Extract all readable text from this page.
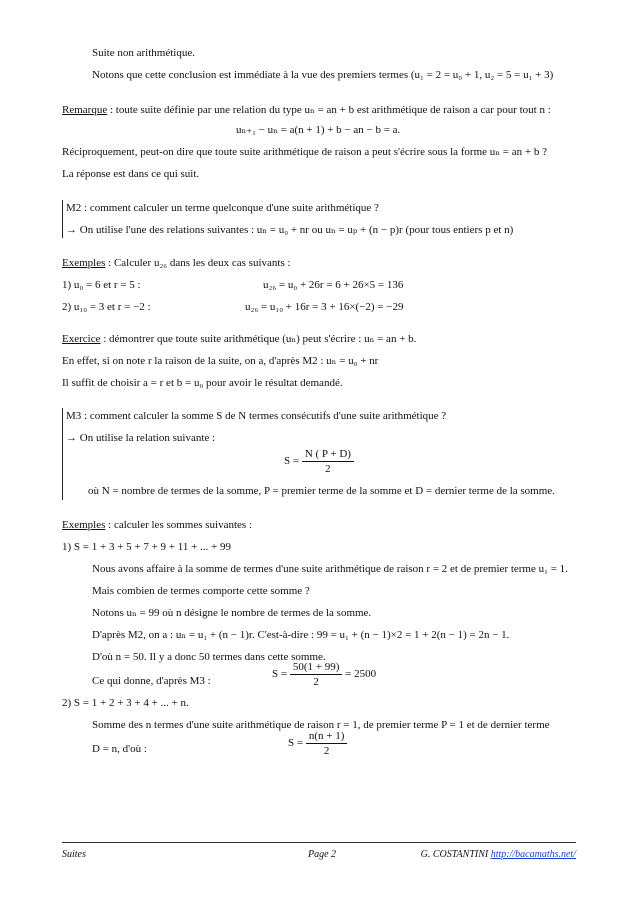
Suite non arithmétique.
Notons que cette conclusion est immédiate à la vue des premiers termes (u₁ = 2 = u₀ + 1, u₂ = 5 = u₁ + 3)
Remarque : toute suite définie par une relation du type uₙ = an + b est arithmétique de raison a car pour tout n :
uₙ₊₁ − uₙ = a(n + 1) + b − an − b = a.
Réciproquement, peut-on dire que toute suite arithmétique de raison a peut s'écrire sous la forme uₙ = an + b ?
La réponse est dans ce qui suit.
M2 : comment calculer un terme quelconque d'une suite arithmétique ?
→ On utilise l'une des relations suivantes : uₙ = u₀ + nr ou uₙ = uₚ + (n − p)r (pour tous entiers p et n)
Exemples : Calculer u₂₆ dans les deux cas suivants :
1) u₀ = 6 et r = 5 :	u₂₆ = u₀ + 26r = 6 + 26×5 = 136
2) u₁₀ = 3 et r = −2 :	u₂₆ = u₁₀ + 16r = 3 + 16×(−2) = −29
Exercice : démontrer que toute suite arithmétique (uₙ) peut s'écrire : uₙ = an + b.
En effet, si on note r la raison de la suite, on a, d'après M2 : uₙ = u₀ + nr
Il suffit de choisir a = r et b = u₀ pour avoir le résultat demandé.
M3 : comment calculer la somme S de N termes consécutifs d'une suite arithmétique ?
→ On utilise la relation suivante :
$S = \frac{N ( P + D)}{2}$
où N = nombre de termes de la somme, P = premier terme de la somme et D = dernier terme de la somme.
Exemples : calculer les sommes suivantes :
1) S = 1 + 3 + 5 + 7 + 9 + 11 + ... + 99
Nous avons affaire à la somme de termes d'une suite arithmétique de raison r = 2 et de premier terme u₁ = 1.
Mais combien de termes comporte cette somme ?
Notons uₙ = 99 où n désigne le nombre de termes de la somme.
D'après M2, on a : uₙ = u₁ + (n − 1)r. C'est-à-dire : 99 = u₁ + (n − 1)×2 = 1 + 2(n − 1) = 2n − 1.
D'où n = 50. Il y a donc 50 termes dans cette somme.
Ce qui donne, d'après M3 :
$S = \frac{50(1 + 99)}{2} = 2500$
2) S = 1 + 2 + 3 + 4 + ... + n.
Somme des n termes d'une suite arithmétique de raison r = 1, de premier terme P = 1 et de dernier terme
D = n, d'où :	$S = \frac{n(n + 1)}{2}$
Suites	Page 2	G. COSTANTINI http://bacamaths.net/
